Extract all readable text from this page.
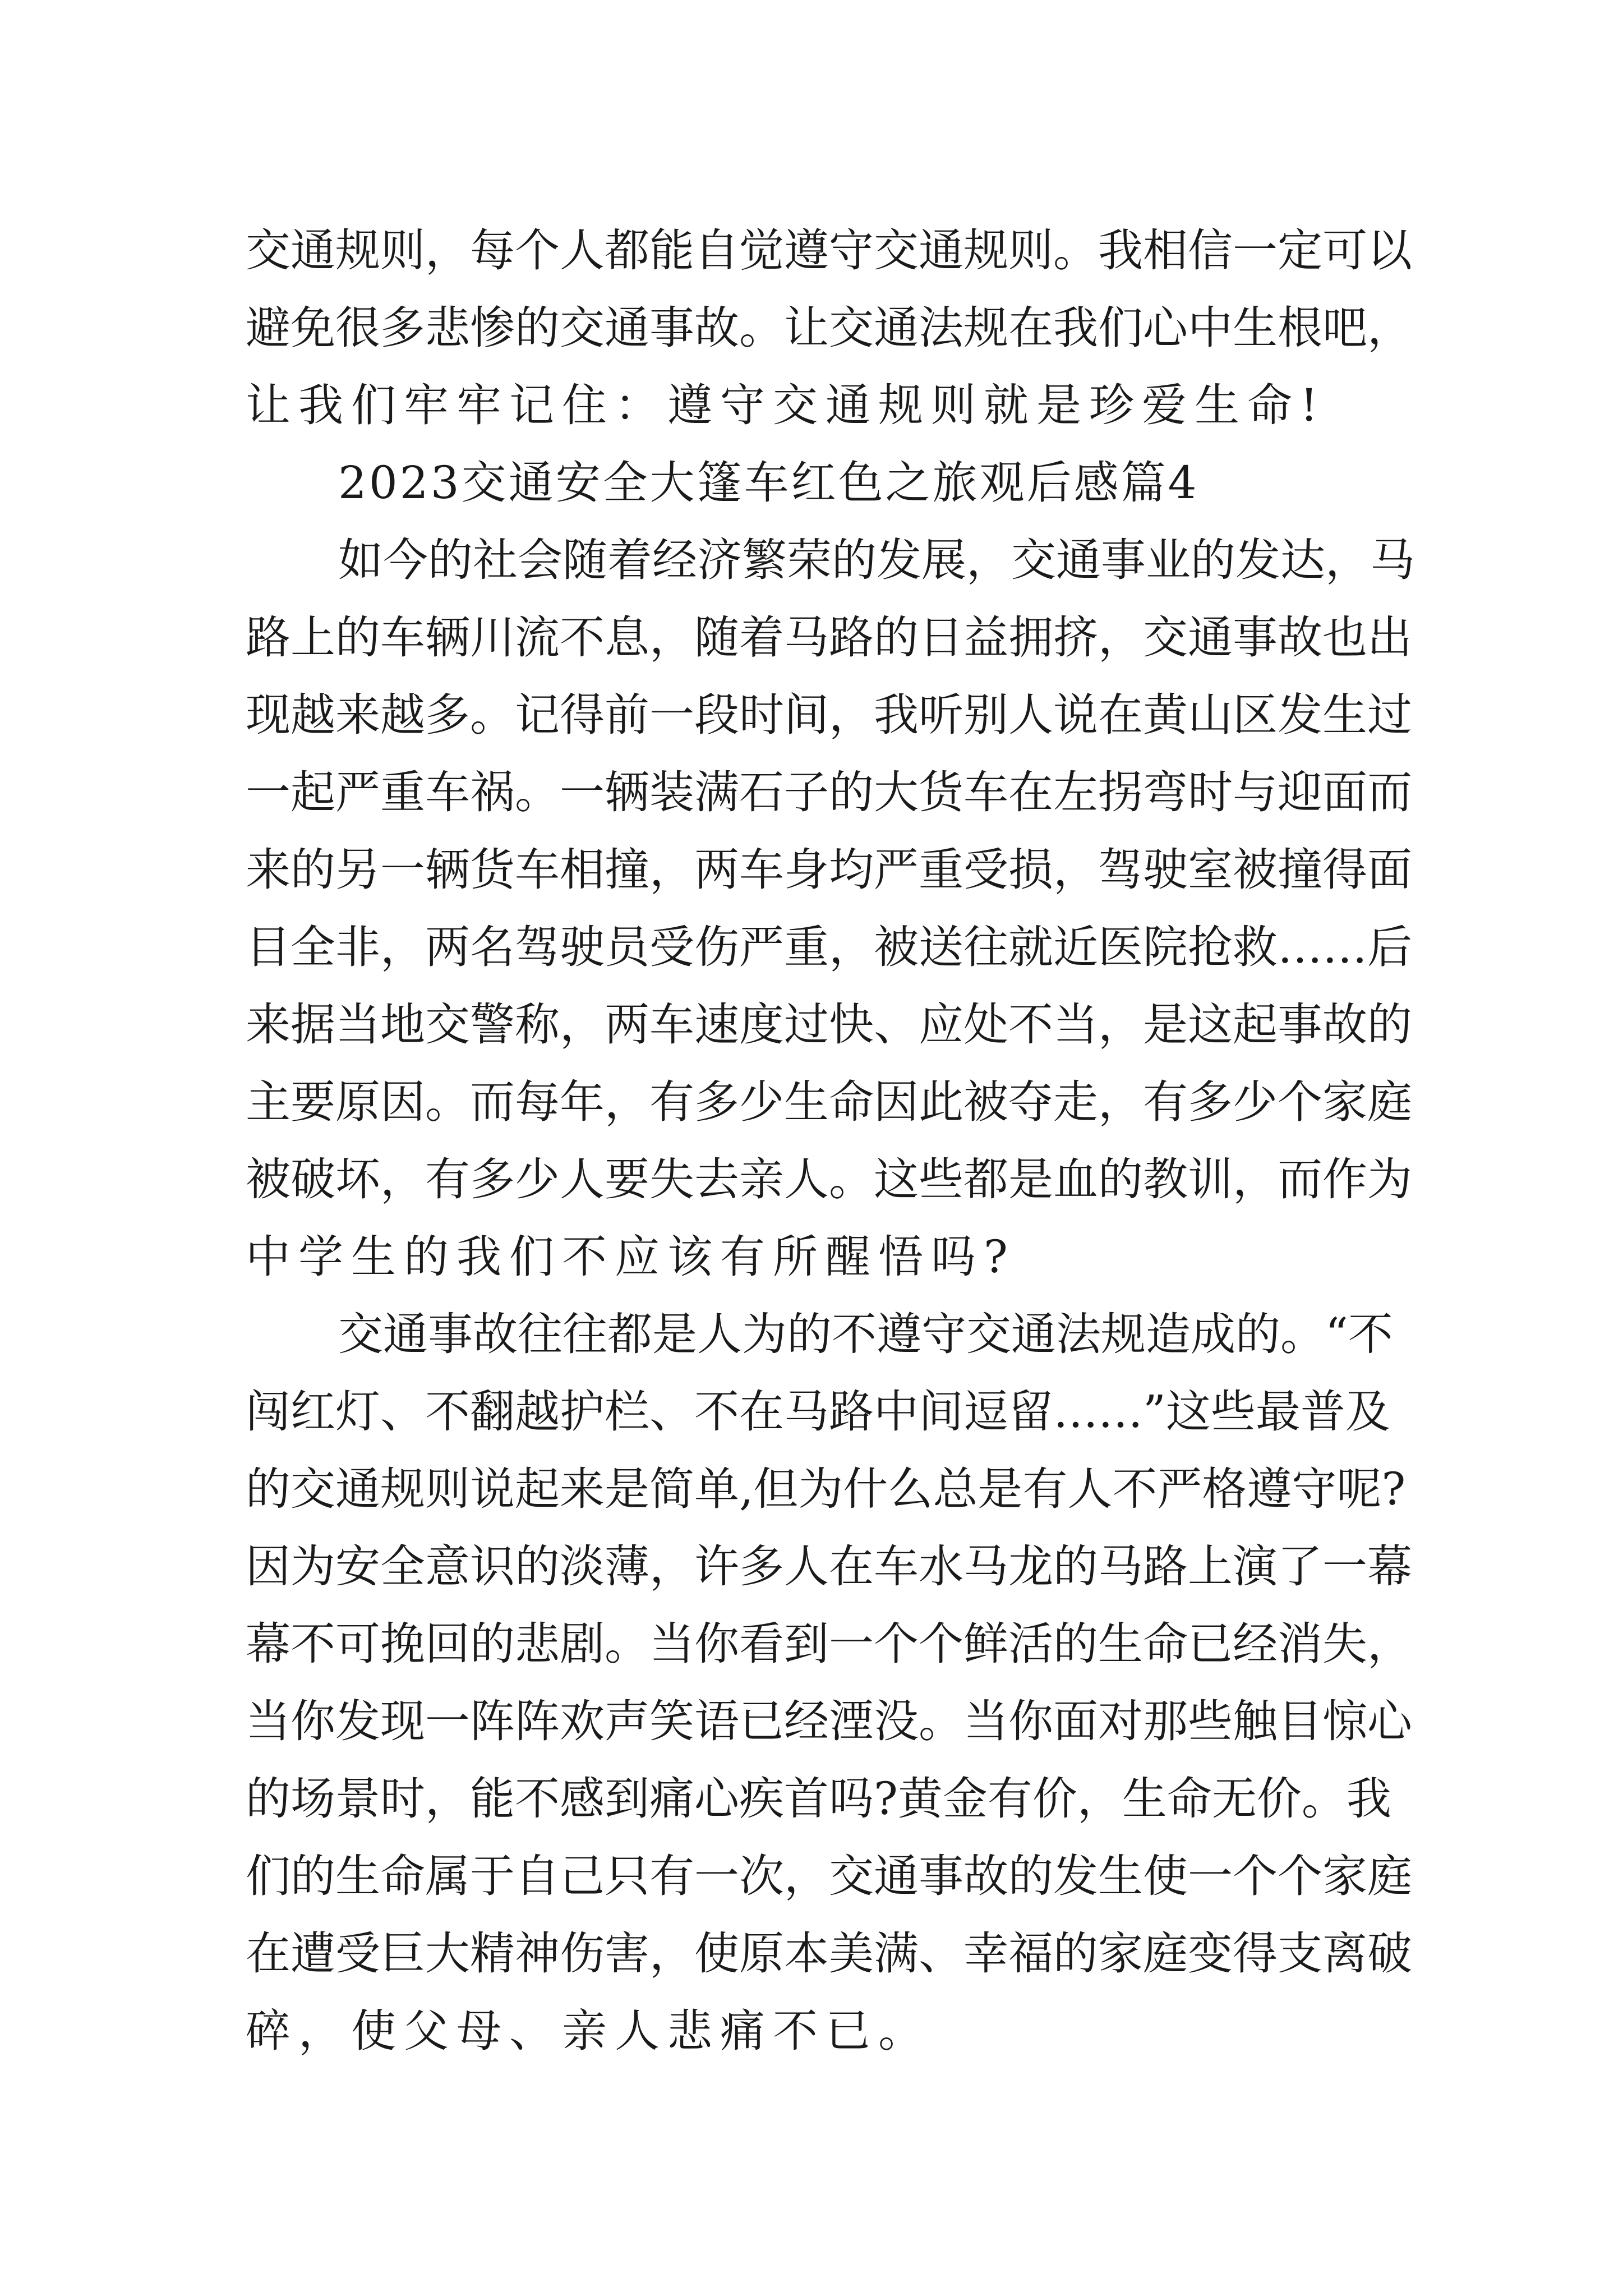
交通规则，每个人都能自觉遵守交通规则。我相信一定可以
避免很多悲惨的交通事故。让交通法规在我们心中生根吧，
让我们牢牢记住：遵守交通规则就是珍爱生命!
2023交通安全大篷车红色之旅观后感篇4
如今的社会随着经济繁荣的发展，交通事业的发达，马
路上的车辆川流不息，随着马路的日益拥挤，交通事故也出
现越来越多。记得前一段时间，我听别人说在黄山区发生过
一起严重车祸。一辆装满石子的大货车在左拐弯时与迎面而
来的另一辆货车相撞，两车身均严重受损，驾驶室被撞得面
目全非，两名驾驶员受伤严重，被送往就近医院抢救……后
来据当地交警称，两车速度过快、应处不当，是这起事故的
主要原因。而每年，有多少生命因此被夺走，有多少个家庭
被破坏，有多少人要失去亲人。这些都是血的教训，而作为
中学生的我们不应该有所醒悟吗?
交通事故往往都是人为的不遵守交通法规造成的。“不
闯红灯、不翻越护栏、不在马路中间逗留……”这些最普及
的交通规则说起来是简单,但为什么总是有人不严格遵守呢?
因为安全意识的淡薄，许多人在车水马龙的马路上演了一幕
幕不可挽回的悲剧。当你看到一个个鲜活的生命已经消失，
当你发现一阵阵欢声笑语已经湮没。当你面对那些触目惊心
的场景时，能不感到痛心疾首吗?黄金有价，生命无价。我
们的生命属于自己只有一次，交通事故的发生使一个个家庭
在遭受巨大精神伤害，使原本美满、幸福的家庭变得支离破
碎，使父母、亲人悲痛不已。
